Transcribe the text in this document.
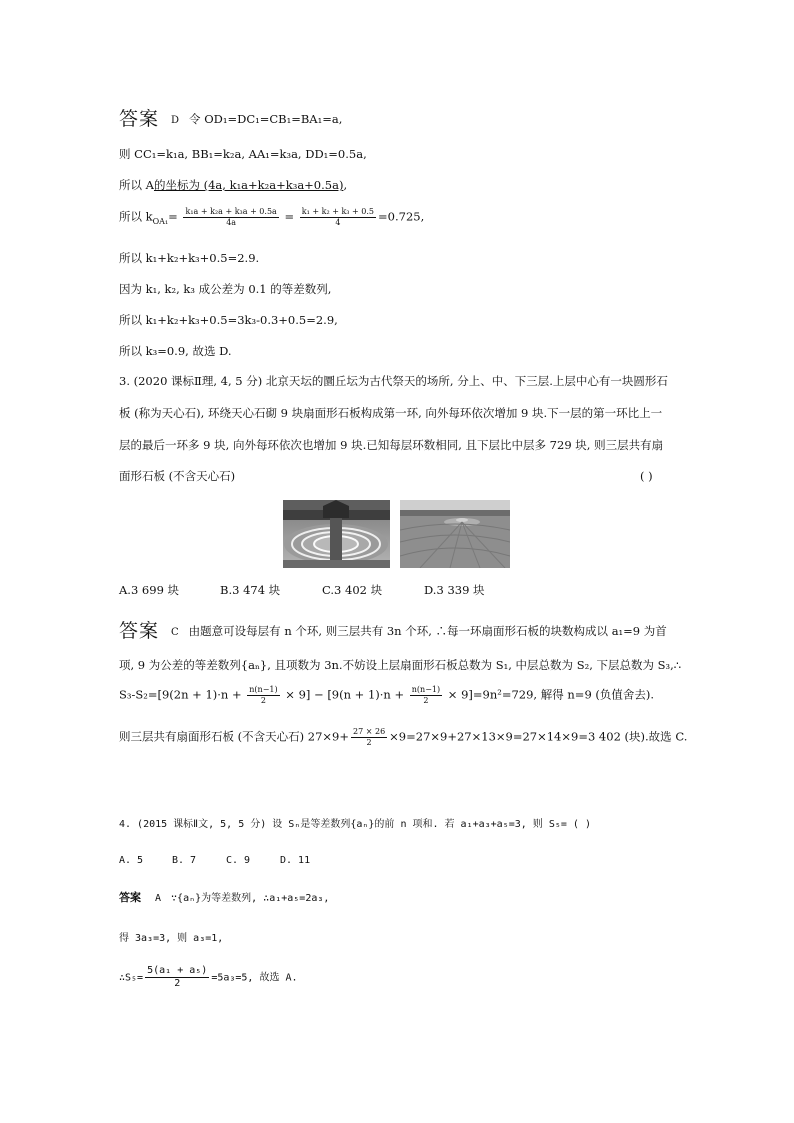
答案 D 令 OD₁=DC₁=CB₁=BA₁=a,
则 CC₁=k₁a, BB₁=k₂a, AA₁=k₃a, DD₁=0.5a,
所以 A的坐标为 (4a, k₁a+k₂a+k₃a+0.5a),
所以 $k_{OA_1}= \frac{\text{k₁a + k₂a + k₃a + 0.5a}}{4a} = \frac{\text{k₁ + k₂ + k₃ + 0.5}}{4} =0.725$,
所以 k₁+k₂+k₃+0.5=2.9.
因为 k₁, k₂, k₃ 成公差为 0.1 的等差数列,
所以 k₁+k₂+k₃+0.5=3k₃-0.3+0.5=2.9,
所以 k₃=0.9, 故选 D.
3. (2020 课标Ⅱ理, 4, 5 分) 北京天坛的圜丘坛为古代祭天的场所, 分上、中、下三层.上层中心有一块圆形石
板 (称为天心石), 环绕天心石砌 9 块扇面形石板构成第一环, 向外每环依次增加 9 块.下一层的第一环比上一
层的最后一环多 9 块, 向外每环依次也增加 9 块.已知每层环数相同, 且下层比中层多 729 块, 则三层共有扇
面形石板 (不含天心石)	( )
A.3 699 块	B.3 474 块	C.3 402 块	D.3 339 块
答案 C 由题意可设每层有 n 个环, 则三层共有 3n 个环, ∴每一环扇面形石板的块数构成以 a₁=9 为首
项, 9 为公差的等差数列{aₙ}, 且项数为 3n.不妨设上层扇面形石板总数为 S₁, 中层总数为 S₂, 下层总数为 S₃,∴
$S_3-S_2=[9(2n + 1)\cdot n + \frac{n(n-1)}{2} \times 9] - [9(n + 1)\cdot n + \frac{n(n-1)}{2} \times 9]=9n^2=729$, 解得 n=9 (负值舍去).
则三层共有扇面形石板 (不含天心石) $27\times 9+ \frac{27 \times 26}{2} \times 9=27\times 9+27\times 13\times 9=27\times 14\times 9=3$ 402 (块).故选 C.
4. (2015 课标Ⅱ文, 5, 5 分) 设 Sₙ是等差数列{aₙ}的前 n 项和. 若 a₁+a₃+a₅=3, 则 S₅= ( )
A. 5	B. 7	C. 9	D. 11
答案 A ∵{aₙ}为等差数列, ∴a₁+a₅=2a₃,
得 3a₃=3, 则 a₃=1,
∴S₅= $\frac{\text{5(a₁ + a₅)}}{2} =5a_3=5$, 故选 A.
